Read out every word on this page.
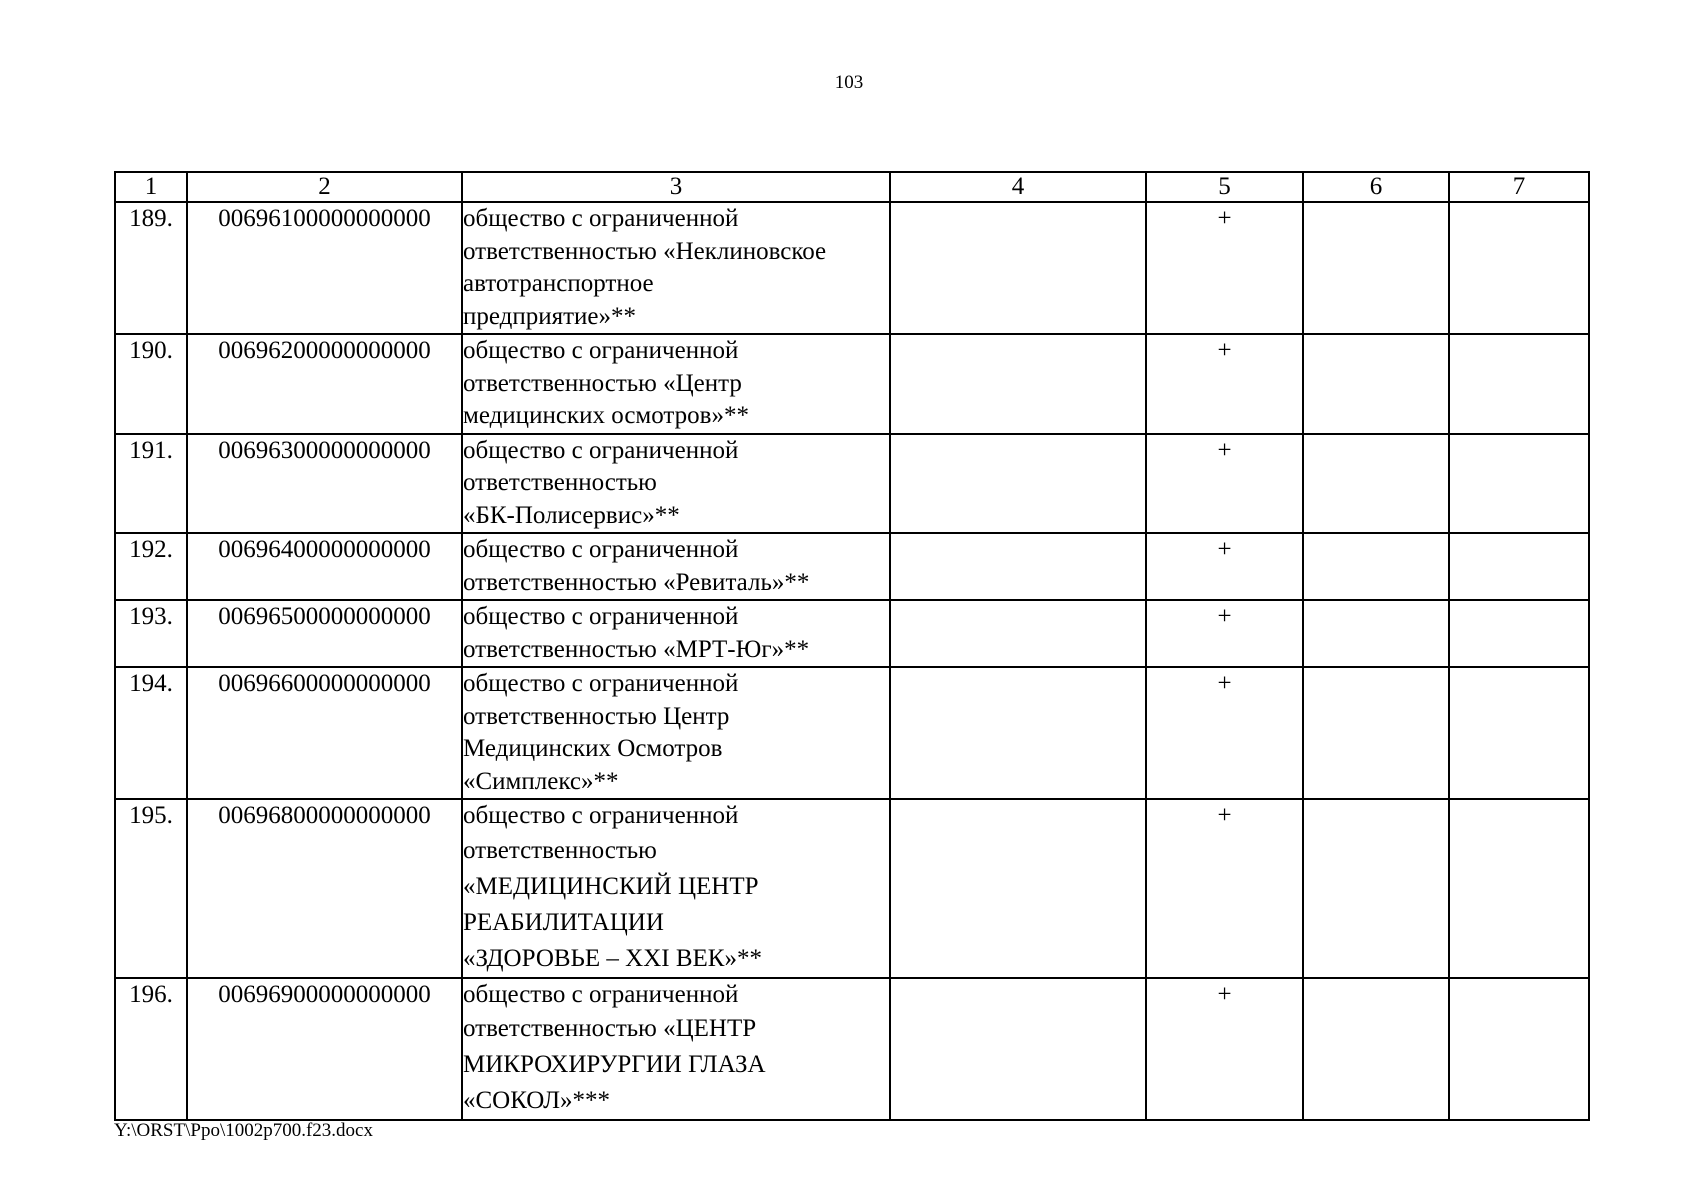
103
1	2	3	4	5	6	7
189.	00696100000000000	общество с ограниченной
ответственностью «Неклиновское
автотранспортное
предприятие»**		+		
190.	00696200000000000	общество с ограниченной
ответственностью «Центр
медицинских осмотров»**		+		
191.	00696300000000000	общество с ограниченной
ответственностью
«БК-Полисервис»**		+		
192.	00696400000000000	общество с ограниченной
ответственностью «Ревиталь»**		+		
193.	00696500000000000	общество с ограниченной
ответственностью «МРТ-Юг»**		+		
194.	00696600000000000	общество с ограниченной
ответственностью Центр
Медицинских Осмотров
«Симплекс»**		+		
195.	00696800000000000	общество с ограниченной
ответственностью
«МЕДИЦИНСКИЙ ЦЕНТР
РЕАБИЛИТАЦИИ
«ЗДОРОВЬЕ – XXI ВЕК»**		+		
196.	00696900000000000	общество с ограниченной
ответственностью «ЦЕНТР
МИКРОХИРУРГИИ ГЛАЗА
«СОКОЛ»***		+		
Y:\ORST\Ppo\1002p700.f23.docx
